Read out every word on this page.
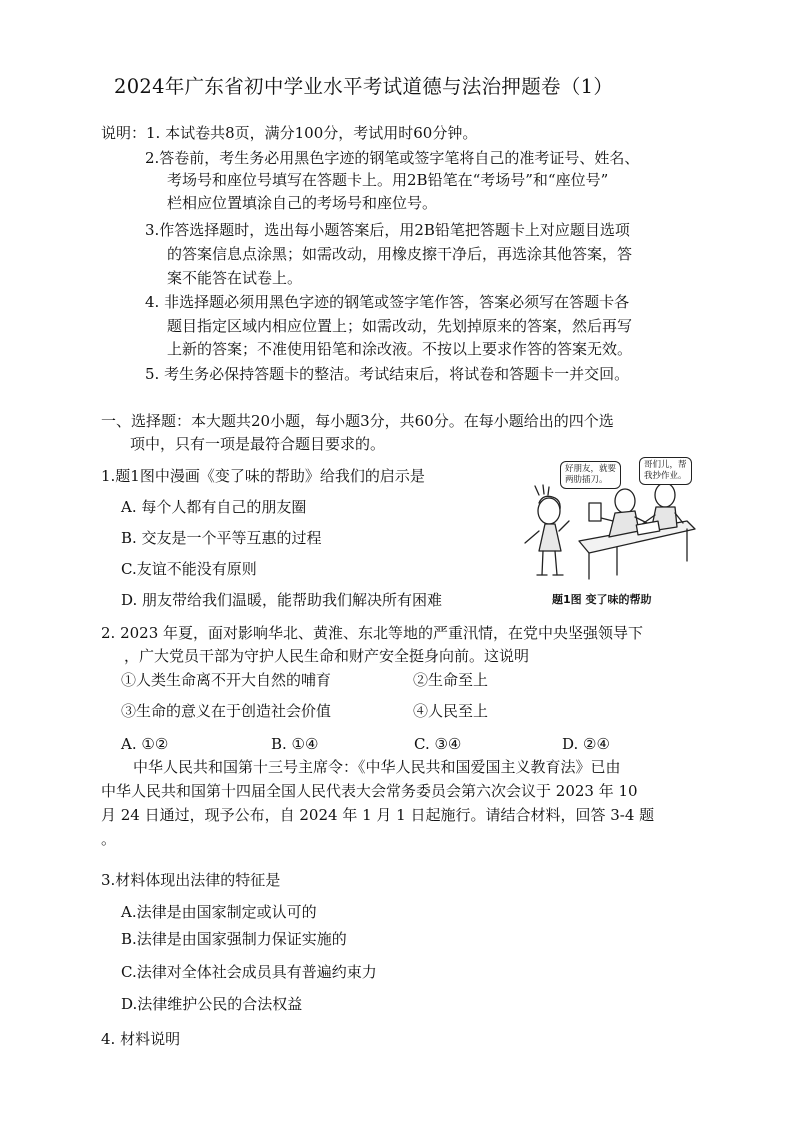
2024年广东省初中学业水平考试道德与法治押题卷（1）
说明：1. 本试卷共8页，满分100分，考试用时60分钟。
2.答卷前，考生务必用黑色字迹的钢笔或签字笔将自己的准考证号、姓名、
考场号和座位号填写在答题卡上。用2B铅笔在“考场号”和“座位号”
栏相应位置填涂自己的考场号和座位号。
3.作答选择题时，选出每小题答案后，用2B铅笔把答题卡上对应题目选项
的答案信息点涂黑；如需改动，用橡皮擦干净后，再选涂其他答案，答
案不能答在试卷上。
4. 非选择题必须用黑色字迹的钢笔或签字笔作答，答案必须写在答题卡各
题目指定区域内相应位置上；如需改动，先划掉原来的答案，然后再写
上新的答案；不准使用铅笔和涂改液。不按以上要求作答的答案无效。
5. 考生务必保持答题卡的整洁。考试结束后，将试卷和答题卡一并交回。
一、选择题：本大题共20小题，每小题3分，共60分。在每小题给出的四个选
项中，只有一项是最符合题目要求的。
1.题1图中漫画《变了味的帮助》给我们的启示是
A. 每个人都有自己的朋友圈
B. 交友是一个平等互惠的过程
C.友谊不能没有原则
D. 朋友带给我们温暖，能帮助我们解决所有困难
好朋友，就要
两肋插刀。
哥们儿，帮
我抄作业。
题1图 变了味的帮助
2. 2023 年夏，面对影响华北、黄淮、东北等地的严重汛情，在党中央坚强领导下
，广大党员干部为守护人民生命和财产安全挺身向前。这说明
①人类生命离不开大自然的哺育	②生命至上
③生命的意义在于创造社会价值	④人民至上
A. ①②	B. ①④	C. ③④	D. ②④
中华人民共和国第十三号主席令：《中华人民共和国爱国主义教育法》已由
中华人民共和国第十四届全国人民代表大会常务委员会第六次会议于 2023 年 10
月 24 日通过，现予公布，自 2024 年 1 月 1 日起施行。请结合材料，回答 3-4 题
。
3.材料体现出法律的特征是
A.法律是由国家制定或认可的
B.法律是由国家强制力保证实施的
C.法律对全体社会成员具有普遍约束力
D.法律维护公民的合法权益
4. 材料说明
